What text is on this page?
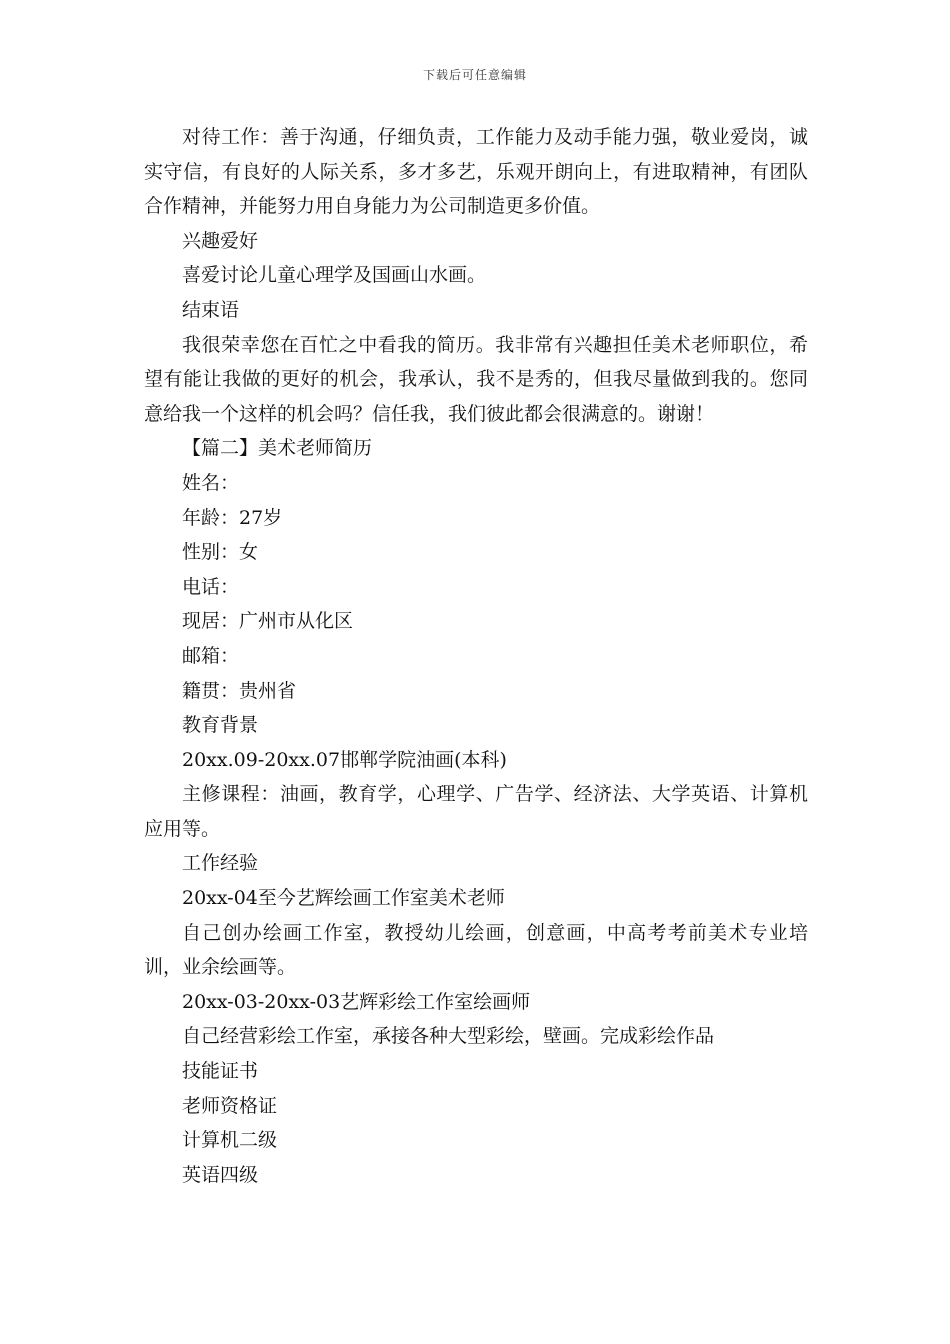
下载后可任意编辑

对待工作：善于沟通，仔细负责，工作能力及动手能力强，敬业爱岗，诚实守信，有良好的人际关系，多才多艺，乐观开朗向上，有进取精神，有团队合作精神，并能努力用自身能力为公司制造更多价值。

兴趣爱好

喜爱讨论儿童心理学及国画山水画。

结束语

我很荣幸您在百忙之中看我的简历。我非常有兴趣担任美术老师职位，希望有能让我做的更好的机会，我承认，我不是秀的，但我尽量做到我的。您同意给我一个这样的机会吗？信任我，我们彼此都会很满意的。谢谢！

【篇二】美术老师简历

姓名：

年龄：27岁

性别：女

电话：

现居：广州市从化区

邮箱：

籍贯：贵州省

教育背景

20xx.09-20xx.07邯郸学院油画(本科)

主修课程：油画，教育学，心理学、广告学、经济法、大学英语、计算机应用等。

工作经验

20xx-04至今艺辉绘画工作室美术老师

自己创办绘画工作室，教授幼儿绘画，创意画，中高考考前美术专业培训，业余绘画等。

20xx-03-20xx-03艺辉彩绘工作室绘画师

自己经营彩绘工作室，承接各种大型彩绘，壁画。完成彩绘作品

技能证书

老师资格证

计算机二级

英语四级
